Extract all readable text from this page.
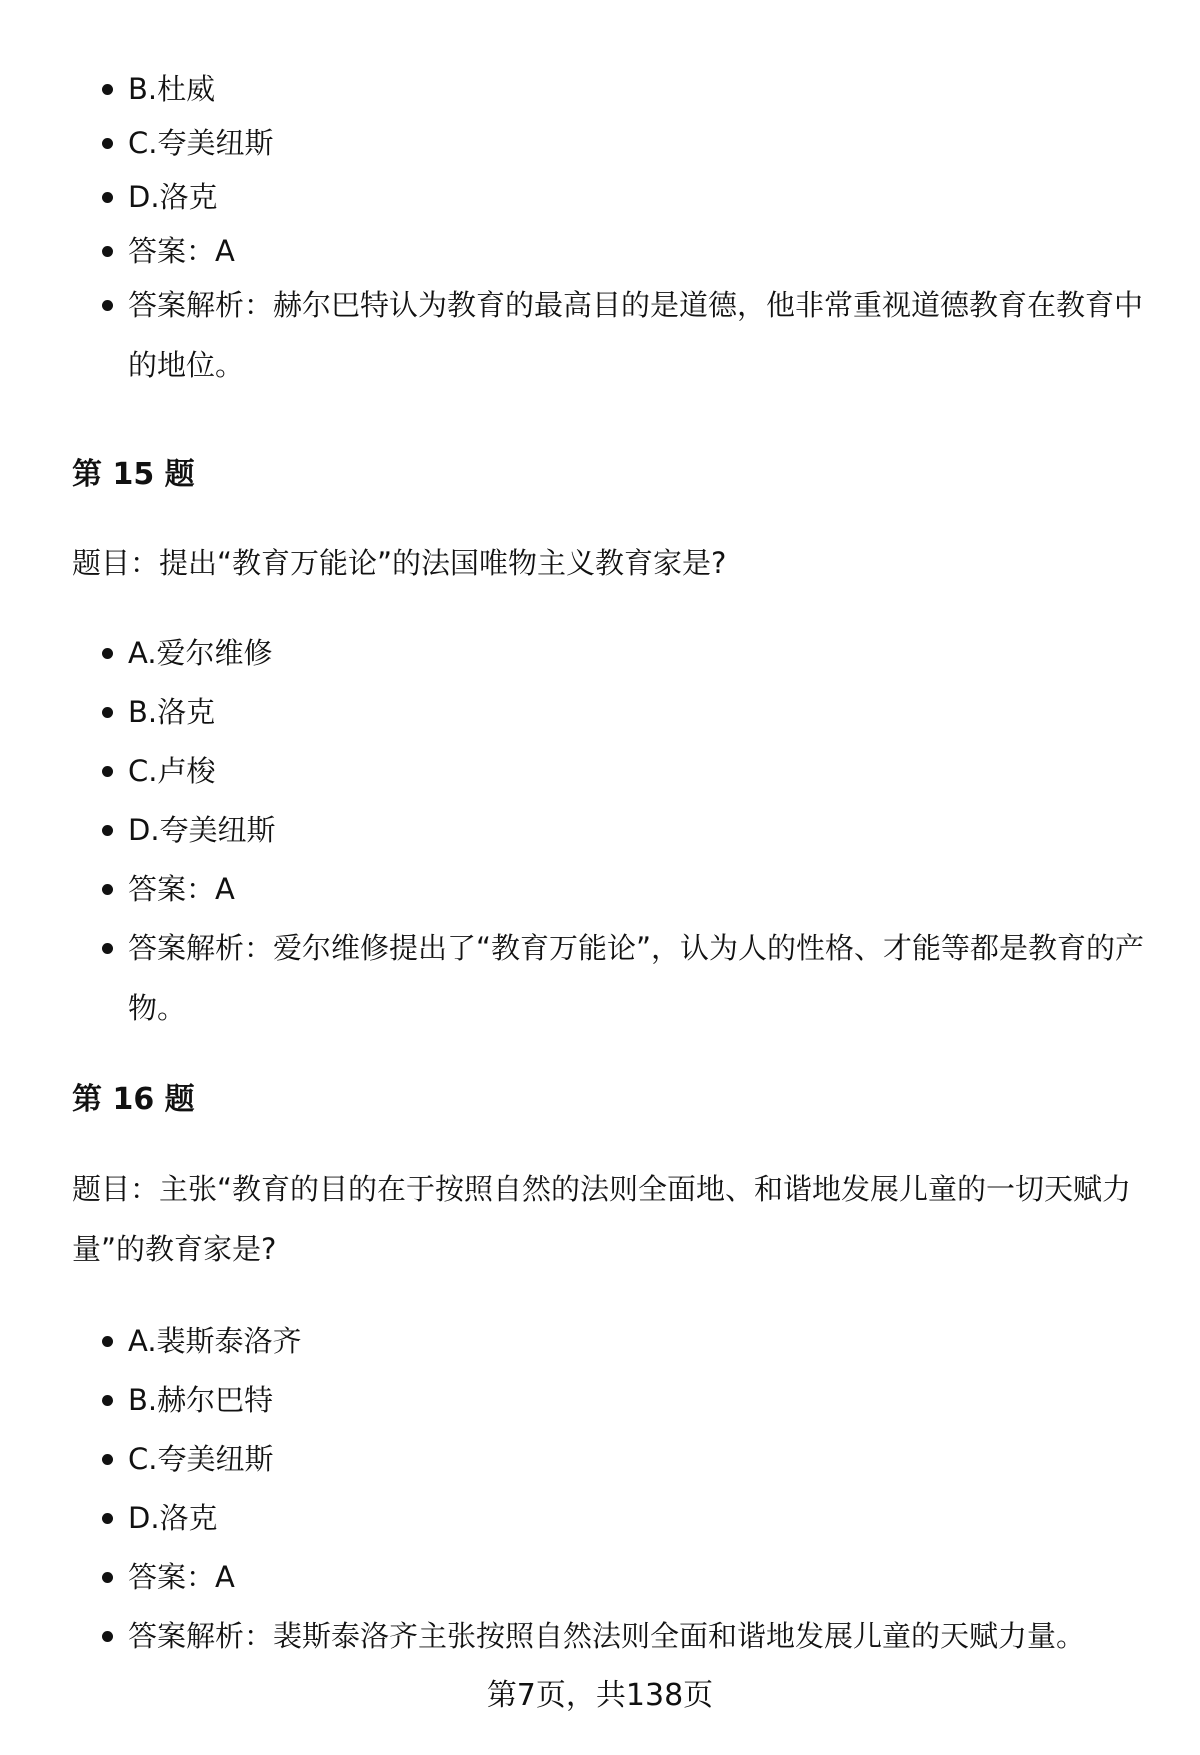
B.杜威
C.夸美纽斯
D.洛克
答案：A
答案解析：赫尔巴特认为教育的最高目的是道德，他非常重视道德教育在教育中的地位。
第 15 题

题目：提出“教育万能论”的法国唯物主义教育家是?

A.爱尔维修
B.洛克
C.卢梭
D.夸美纽斯
答案：A
答案解析：爱尔维修提出了“教育万能论”，认为人的性格、才能等都是教育的产物。
第 16 题

题目：主张“教育的目的在于按照自然的法则全面地、和谐地发展儿童的一切天赋力量”的教育家是?

A.裴斯泰洛齐
B.赫尔巴特
C.夸美纽斯
D.洛克
答案：A
答案解析：裴斯泰洛齐主张按照自然法则全面和谐地发展儿童的天赋力量。
第7页，共138页
